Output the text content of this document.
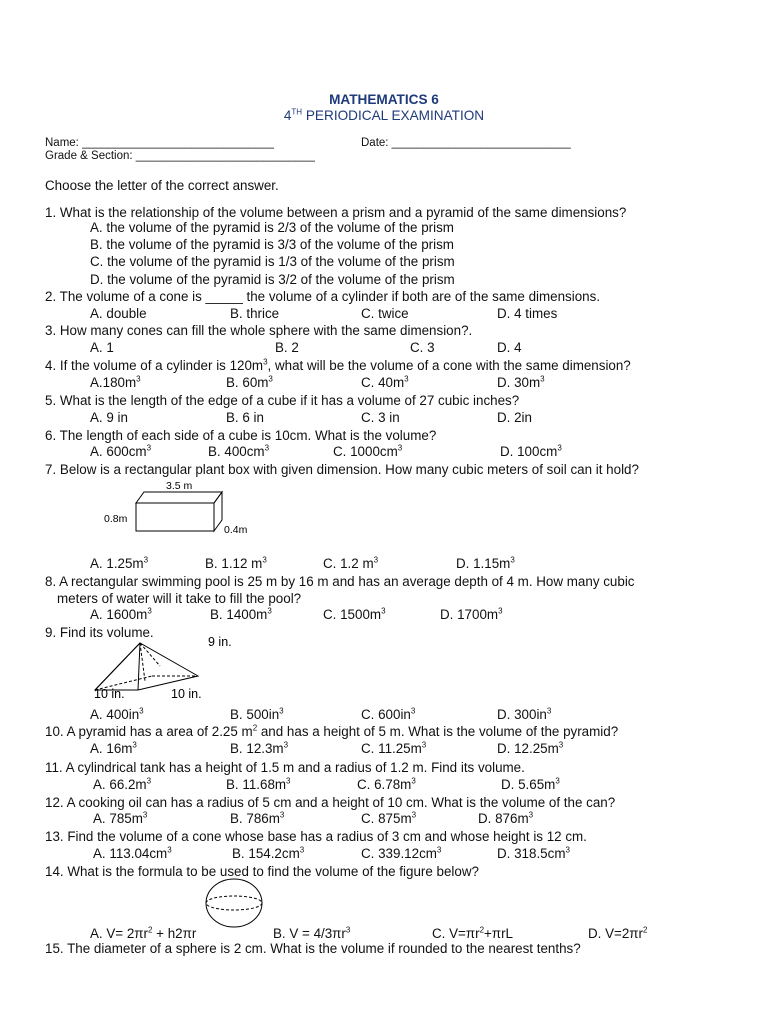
MATHEMATICS 6
4TH PERIODICAL EXAMINATION
Name: ______________________________	Date: ____________________________
Grade & Section: ____________________________
Choose the letter of the correct answer.
1. What is the relationship of the volume between a prism and a pyramid of the same dimensions?
A. the volume of the pyramid is 2/3 of the volume of the prism
B. the volume of the pyramid is 3/3 of the volume of the prism
C. the volume of the pyramid is 1/3 of the volume of the prism
D. the volume of the pyramid is 3/2 of the volume of the prism
2. The volume of a cone is _____ the volume of a cylinder if both are of the same dimensions.
A. double	B. thrice	C. twice	D. 4 times
3. How many cones can fill the whole sphere with the same dimension?.
A. 1	B. 2	C. 3	D. 4
4. If the volume of a cylinder is $120m^3$, what will be the volume of a cone with the same dimension?
$A.180m^3$	B. $60m^3$	C. $40m^3$	D. $30m^3$
5. What is the length of the edge of a cube if it has a volume of 27 cubic inches?
A. 9 in	B. 6 in	C. 3 in	D. 2in
6. The length of each side of a cube is 10cm. What is the volume?
A. $600cm^3$	B. $400cm^3$	C. $1000cm^3$	D. $100cm^3$
7. Below is a rectangular plant box with given dimension. How many cubic meters of soil can it hold?
3.5 m
0.8m
0.4m
A. $1.25m^3$	B. 1.12 $m^3$	C. 1.2 $m^3$	D. $1.15m^3$
8. A rectangular swimming pool is 25 m by 16 m and has an average depth of 4 m. How many cubic
meters of water will it take to fill the pool?
A. $1600m^3$	B. $1400m^3$	C. $1500m^3$	D. $1700m^3$
9. Find its volume.
9 in.
10 in.	10 in.
A. $400in^3$	B. $500in^3$	C. $600in^3$	D. $300in^3$
10. A pyramid has a area of 2.25 $m^2$ and has a height of 5 m. What is the volume of the pyramid?
A. $16m^3$	B. $12.3m^3$	C. $11.25m^3$	D. $12.25m^3$
11. A cylindrical tank has a height of 1.5 m and a radius of 1.2 m. Find its volume.
A. $66.2m^3$	B. $11.68m^3$	C. $6.78m^3$	D. $5.65m^3$
12. A cooking oil can has a radius of 5 cm and a height of 10 cm. What is the volume of the can?
A. $785m^3$	B. $786m^3$	C. $875m^3$	D. $876m^3$
13. Find the volume of a cone whose base has a radius of 3 cm and whose height is 12 cm.
A. $113.04cm^3$	B. $154.2cm^3$	C. $339.12cm^3$	D. $318.5cm^3$
14. What is the formula to be used to find the volume of the figure below?
A. $V= 2\pi r^2 + h2\pi r$	B. $V = 4/3\pi r^3$	C. $V=\pi r^2+\pi rL$	D. $V=2\pi r^2$
15. The diameter of a sphere is 2 cm. What is the volume if rounded to the nearest tenths?
